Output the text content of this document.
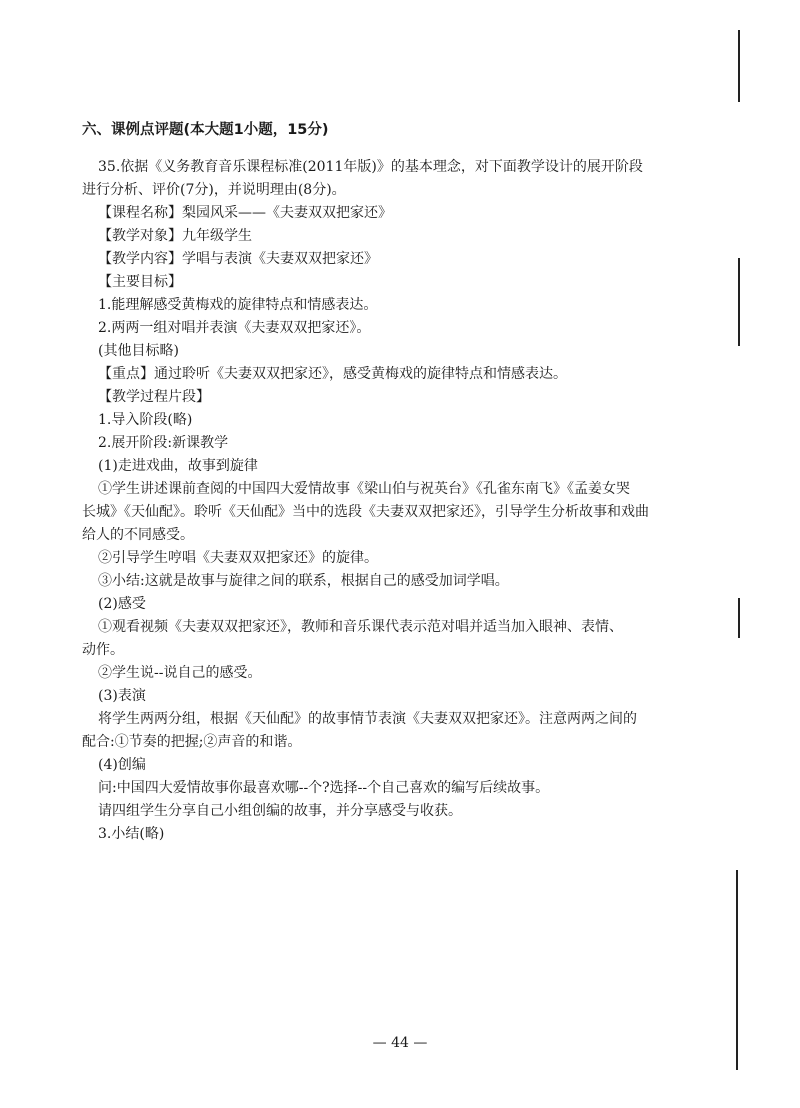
六、课例点评题(本大题1小题，15分)

35.依据《义务教育音乐课程标准(2011年版)》的基本理念，对下面教学设计的展开阶段

进行分析、评价(7分)，并说明理由(8分)。

【课程名称】梨园风采——《夫妻双双把家还》

【教学对象】九年级学生

【教学内容】学唱与表演《夫妻双双把家还》

【主要目标】

1.能理解感受黄梅戏的旋律特点和情感表达。

2.两两一组对唱并表演《夫妻双双把家还》。

(其他目标略)

【重点】通过聆听《夫妻双双把家还》，感受黄梅戏的旋律特点和情感表达。

【教学过程片段】

1.导入阶段(略)

2.展开阶段:新课教学

(1)走进戏曲，故事到旋律

①学生讲述课前查阅的中国四大爱情故事《梁山伯与祝英台》《孔雀东南飞》《孟姜女哭

长城》《天仙配》。聆听《天仙配》当中的选段《夫妻双双把家还》，引导学生分析故事和戏曲

给人的不同感受。

②引导学生哼唱《夫妻双双把家还》的旋律。

③小结:这就是故事与旋律之间的联系，根据自己的感受加词学唱。

(2)感受

①观看视频《夫妻双双把家还》，教师和音乐课代表示范对唱并适当加入眼神、表情、

动作。

②学生说--说自己的感受。

(3)表演

将学生两两分组，根据《天仙配》的故事情节表演《夫妻双双把家还》。注意两两之间的

配合:①节奏的把握;②声音的和谐。

(4)创编

问:中国四大爱情故事你最喜欢哪--个?选择--个自己喜欢的编写后续故事。

请四组学生分享自己小组创编的故事，并分享感受与收获。

3.小结(略)

— 44 —
